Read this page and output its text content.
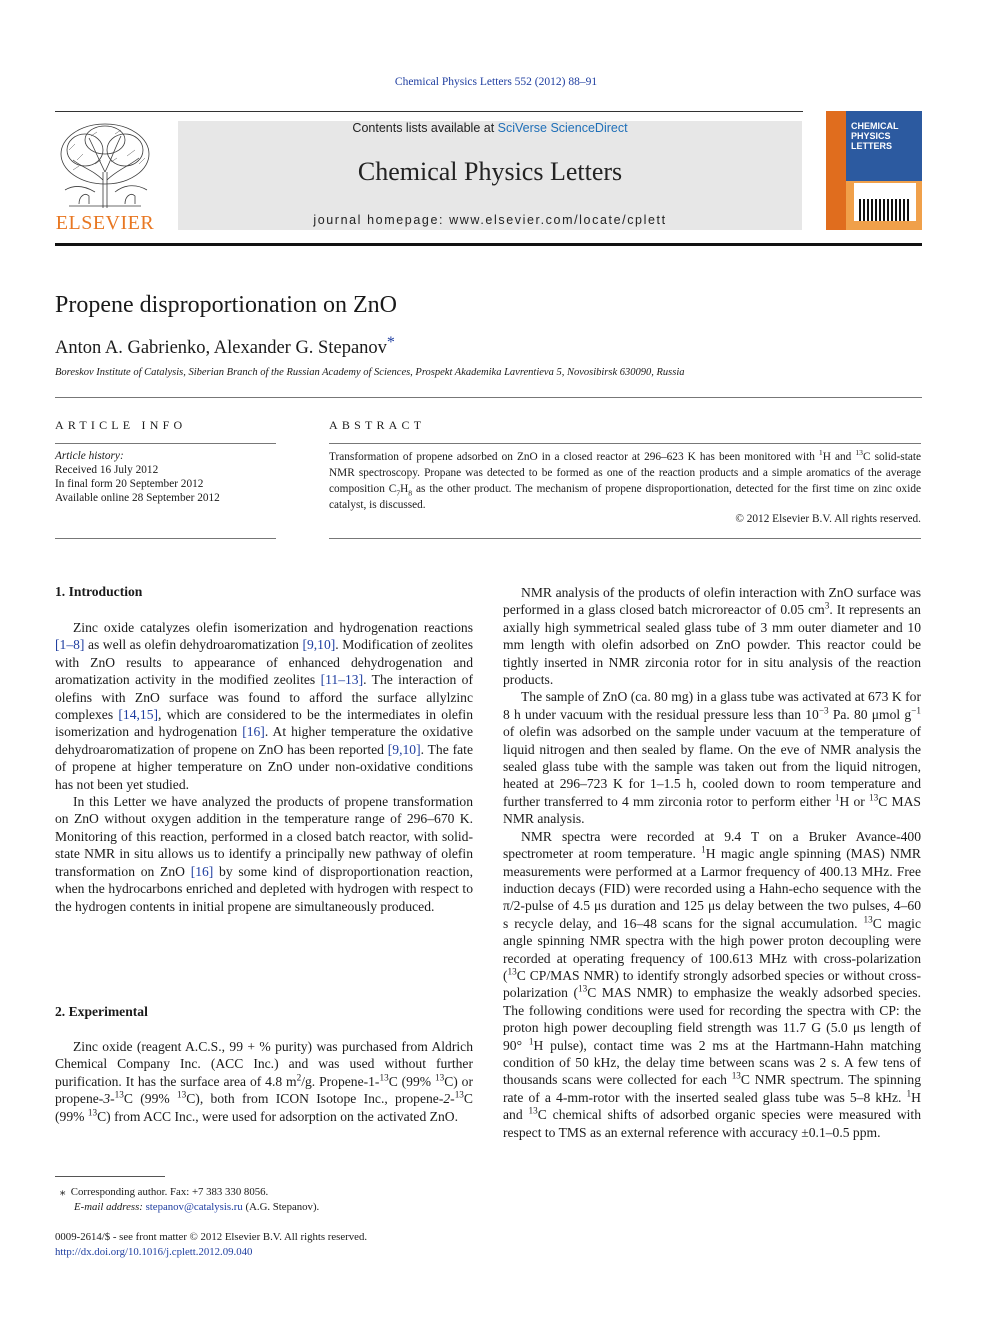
Chemical Physics Letters 552 (2012) 88–91
ELSEVIER
Contents lists available at SciVerse ScienceDirect
Chemical Physics Letters
journal homepage: www.elsevier.com/locate/cplett
CHEMICAL PHYSICS LETTERS
Propene disproportionation on ZnO
Anton A. Gabrienko, Alexander G. Stepanov*
Boreskov Institute of Catalysis, Siberian Branch of the Russian Academy of Sciences, Prospekt Akademika Lavrentieva 5, Novosibirsk 630090, Russia
ARTICLE INFO
Article history:
Received 16 July 2012
In final form 20 September 2012
Available online 28 September 2012
ABSTRACT
Transformation of propene adsorbed on ZnO in a closed reactor at 296–623 K has been monitored with $^1$H and $^{13}$C solid-state NMR spectroscopy. Propane was detected to be formed as one of the reaction products and a simple aromatics of the average composition $C_7H_8$ as the other product. The mechanism of propene disproportionation, detected for the first time on zinc oxide catalyst, is discussed.
© 2012 Elsevier B.V. All rights reserved.
1. Introduction

Zinc oxide catalyzes olefin isomerization and hydrogenation reactions [1–8] as well as olefin dehydroaromatization [9,10]. Modification of zeolites with ZnO results to appearance of enhanced dehydrogenation and aromatization activity in the modified zeolites [11–13]. The interaction of olefins with ZnO surface was found to afford the surface allylzinc complexes [14,15], which are considered to be the intermediates in olefin isomerization and hydrogenation [16]. At higher temperature the oxidative dehydroaromatization of propene on ZnO has been reported [9,10]. The fate of propene at higher temperature on ZnO under non-oxidative conditions has not been yet studied.

In this Letter we have analyzed the products of propene transformation on ZnO without oxygen addition in the temperature range of 296–670 K. Monitoring of this reaction, performed in a closed batch reactor, with solid-state NMR in situ allows us to identify a principally new pathway of olefin transformation on ZnO [16] by some kind of disproportionation reaction, when the hydrocarbons enriched and depleted with hydrogen with respect to the hydrogen contents in initial propene are simultaneously produced.

2. Experimental

Zinc oxide (reagent A.C.S., 99 + % purity) was purchased from Aldrich Chemical Company Inc. (ACC Inc.) and was used without further purification. It has the surface area of 4.8 $m^2/g$. Propene-1-$^{13}$C (99% $^{13}$C) or propene-3-$^{13}$C (99% $^{13}$C), both from ICON Isotope Inc., propene-2-$^{13}$C (99% $^{13}$C) from ACC Inc., were used for adsorption on the activated ZnO.

⁎  Corresponding author. Fax: +7 383 330 8056.
E-mail address: stepanov@catalysis.ru (A.G. Stepanov).
0009-2614/$ - see front matter © 2012 Elsevier B.V. All rights reserved.
http://dx.doi.org/10.1016/j.cplett.2012.09.040

NMR analysis of the products of olefin interaction with ZnO surface was performed in a glass closed batch microreactor of 0.05 $cm^3$. It represents an axially high symmetrical sealed glass tube of 3 mm outer diameter and 10 mm length with olefin adsorbed on ZnO powder. This reactor could be tightly inserted in NMR zirconia rotor for in situ analysis of the reaction products.

The sample of ZnO (ca. 80 mg) in a glass tube was activated at 673 K for 8 h under vacuum with the residual pressure less than $10^{-3}$ Pa. 80 μmol $g^{-1}$ of olefin was adsorbed on the sample under vacuum at the temperature of liquid nitrogen and then sealed by flame. On the eve of NMR analysis the sealed glass tube with the sample was taken out from the liquid nitrogen, heated at 296–723 K for 1–1.5 h, cooled down to room temperature and further transferred to 4 mm zirconia rotor to perform either $^1$H or $^{13}$C MAS NMR analysis.

NMR spectra were recorded at 9.4 T on a Bruker Avance-400 spectrometer at room temperature. $^1$H magic angle spinning (MAS) NMR measurements were performed at a Larmor frequency of 400.13 MHz. Free induction decays (FID) were recorded using a Hahn-echo sequence with the π/2-pulse of 4.5 μs duration and 125 μs delay between the two pulses, 4–60 s recycle delay, and 16–48 scans for the signal accumulation. $^{13}$C magic angle spinning NMR spectra with the high power proton decoupling were recorded at operating frequency of 100.613 MHz with cross-polarization ($^{13}$C CP/MAS NMR) to identify strongly adsorbed species or without cross-polarization ($^{13}$C MAS NMR) to emphasize the weakly adsorbed species. The following conditions were used for recording the spectra with CP: the proton high power decoupling field strength was 11.7 G (5.0 μs length of 90° $^1$H pulse), contact time was 2 ms at the Hartmann-Hahn matching condition of 50 kHz, the delay time between scans was 2 s. A few tens of thousands scans were collected for each $^{13}$C NMR spectrum. The spinning rate of a 4-mm-rotor with the inserted sealed glass tube was 5–8 kHz. $^1$H and $^{13}$C chemical shifts of adsorbed organic species were measured with respect to TMS as an external reference with accuracy ±0.1–0.5 ppm.
